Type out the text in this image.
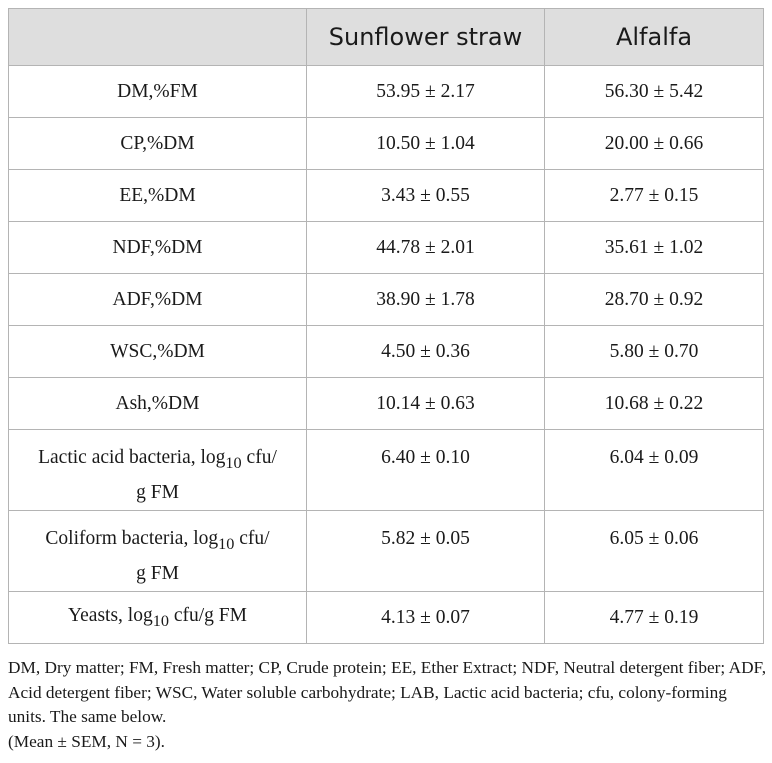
	Sunflower straw	Alfalfa
DM,%FM	53.95 ± 2.17	56.30 ± 5.42
CP,%DM	10.50 ± 1.04	20.00 ± 0.66
EE,%DM	3.43 ± 0.55	2.77 ± 0.15
NDF,%DM	44.78 ± 2.01	35.61 ± 1.02
ADF,%DM	38.90 ± 1.78	28.70 ± 0.92
WSC,%DM	4.50 ± 0.36	5.80 ± 0.70
Ash,%DM	10.14 ± 0.63	10.68 ± 0.22
Lactic acid bacteria, $\log_{10} cfu/$
g FM	6.40 ± 0.10	6.04 ± 0.09
Coliform bacteria, $\log_{10} cfu/$
g FM	5.82 ± 0.05	6.05 ± 0.06
Yeasts, $\log_{10} cfu/g$ FM	4.13 ± 0.07	4.77 ± 0.19

DM, Dry matter; FM, Fresh matter; CP, Crude protein; EE, Ether Extract; NDF, Neutral detergent fiber; ADF, Acid detergent fiber; WSC, Water soluble carbohydrate; LAB, Lactic acid bacteria; cfu, colony-forming units. The same below.

(Mean ± SEM, N = 3).
